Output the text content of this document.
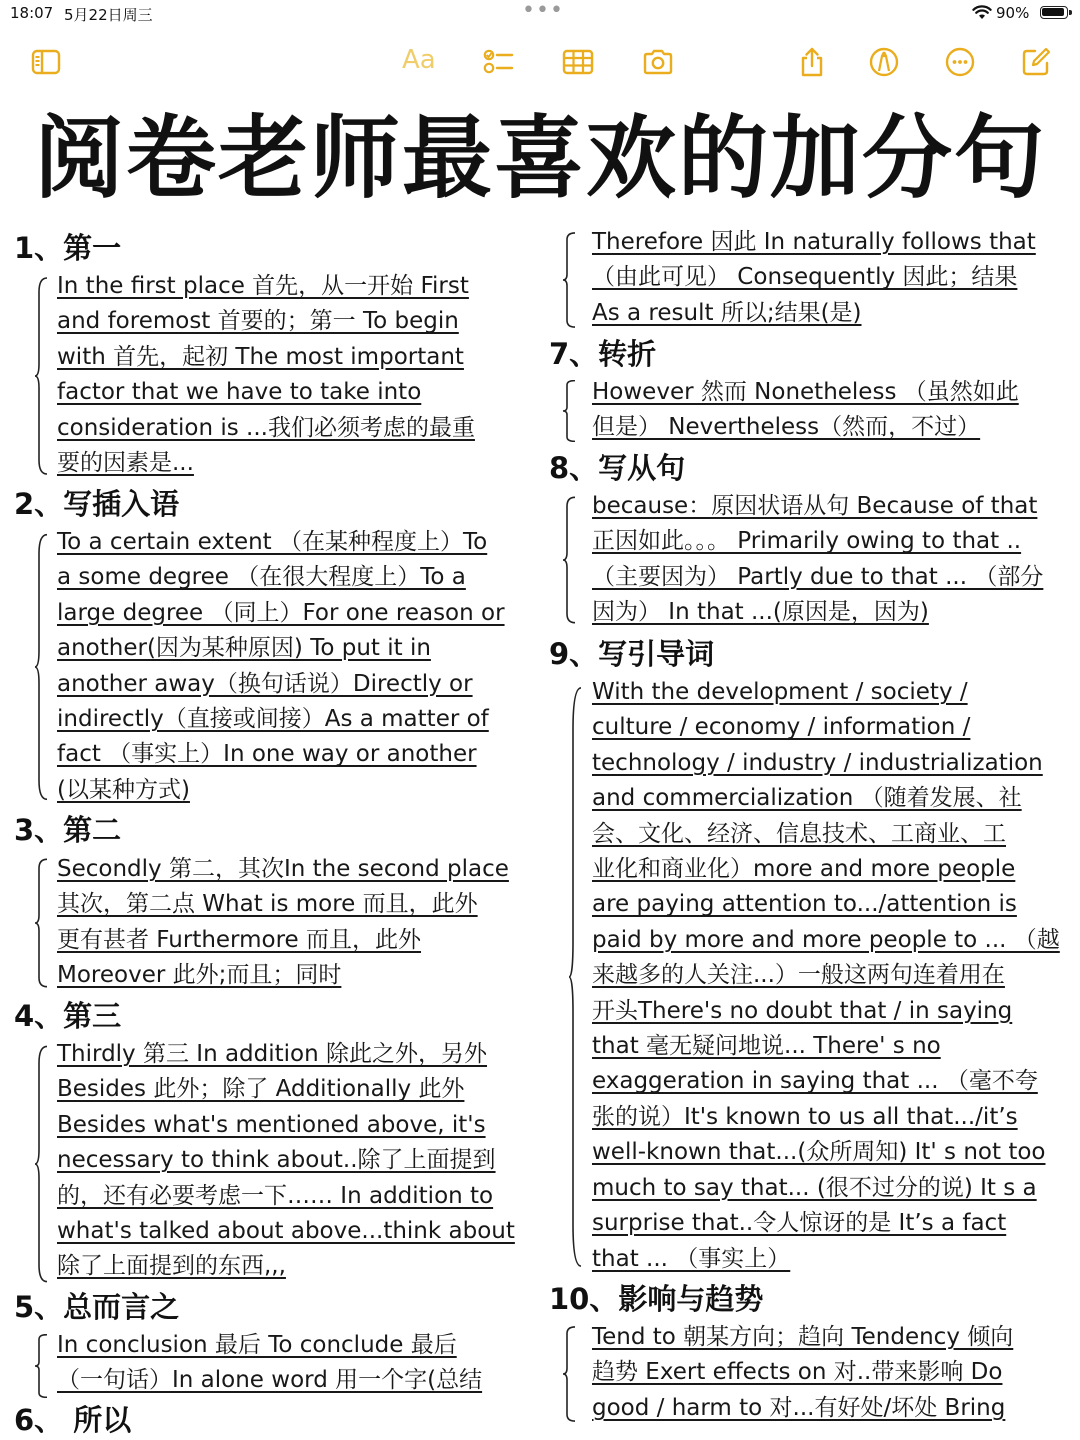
18:07 5月22日周三	•••	90%
Aa
阅卷老师最喜欢的加分句
1、第一
In the first place 首先，从一开始 First
and foremost 首要的；第一 To begin
with 首先，起初 The most important
factor that we have to take into
consideration is ...我们必须考虑的最重
要的因素是...
2、写插入语
To a certain extent （在某种程度上）To
a some degree （在很大程度上）To a
large degree （同上）For one reason or
another(因为某种原因) To put it in
another away（换句话说）Directly or
indirectly（直接或间接）As a matter of
fact （事实上）In one way or another
(以某种方式)
3、第二
Secondly 第二，其次In the second place
其次，第二点 What is more 而且，此外
更有甚者 Furthermore 而且，此外
Moreover 此外;而且；同时
4、第三
Thirdly 第三 In addition 除此之外，另外
Besides 此外；除了 Additionally 此外
Besides what's mentioned above, it's
necessary to think about..除了上面提到
的，还有必要考虑一下…… In addition to
what's talked about above...think about
除了上面提到的东西,,,
5、总而言之
In conclusion 最后 To conclude 最后
（一句话）In alone word 用一个字(总结
6、 所以
Therefore 因此 In naturally follows that
（由此可见） Consequently 因此；结果
As a result 所以;结果(是)
7、转折
However 然而 Nonetheless （虽然如此
但是） Nevertheless（然而，不过）
8、写从句
because：原因状语从句 Because of that
正因如此。。。 Primarily owing to that ..
（主要因为） Partly due to that ... （部分
因为） In that ...(原因是，因为)
9、写引导词
With the development / society /
culture / economy / information /
technology / industry / industrialization
and commercialization （随着发展、社
会、文化、经济、信息技术、工商业、工
业化和商业化）more and more people
are paying attention to.../attention is
paid by more and more people to ... （越
来越多的人关注...）一般这两句连着用在
开头There's no doubt that / in saying
that 毫无疑问地说... There' s no
exaggeration in saying that ... （毫不夸
张的说）It's known to us all that.../it’s
well-known that...(众所周知) It' s not too
much to say that... (很不过分的说) It s a
surprise that..令人惊讶的是 It’s a fact
that ... （事实上）
10、影响与趋势
Tend to 朝某方向；趋向 Tendency 倾向
趋势 Exert effects on 对..带来影响 Do
good / harm to 对...有好处/坏处 Bring
